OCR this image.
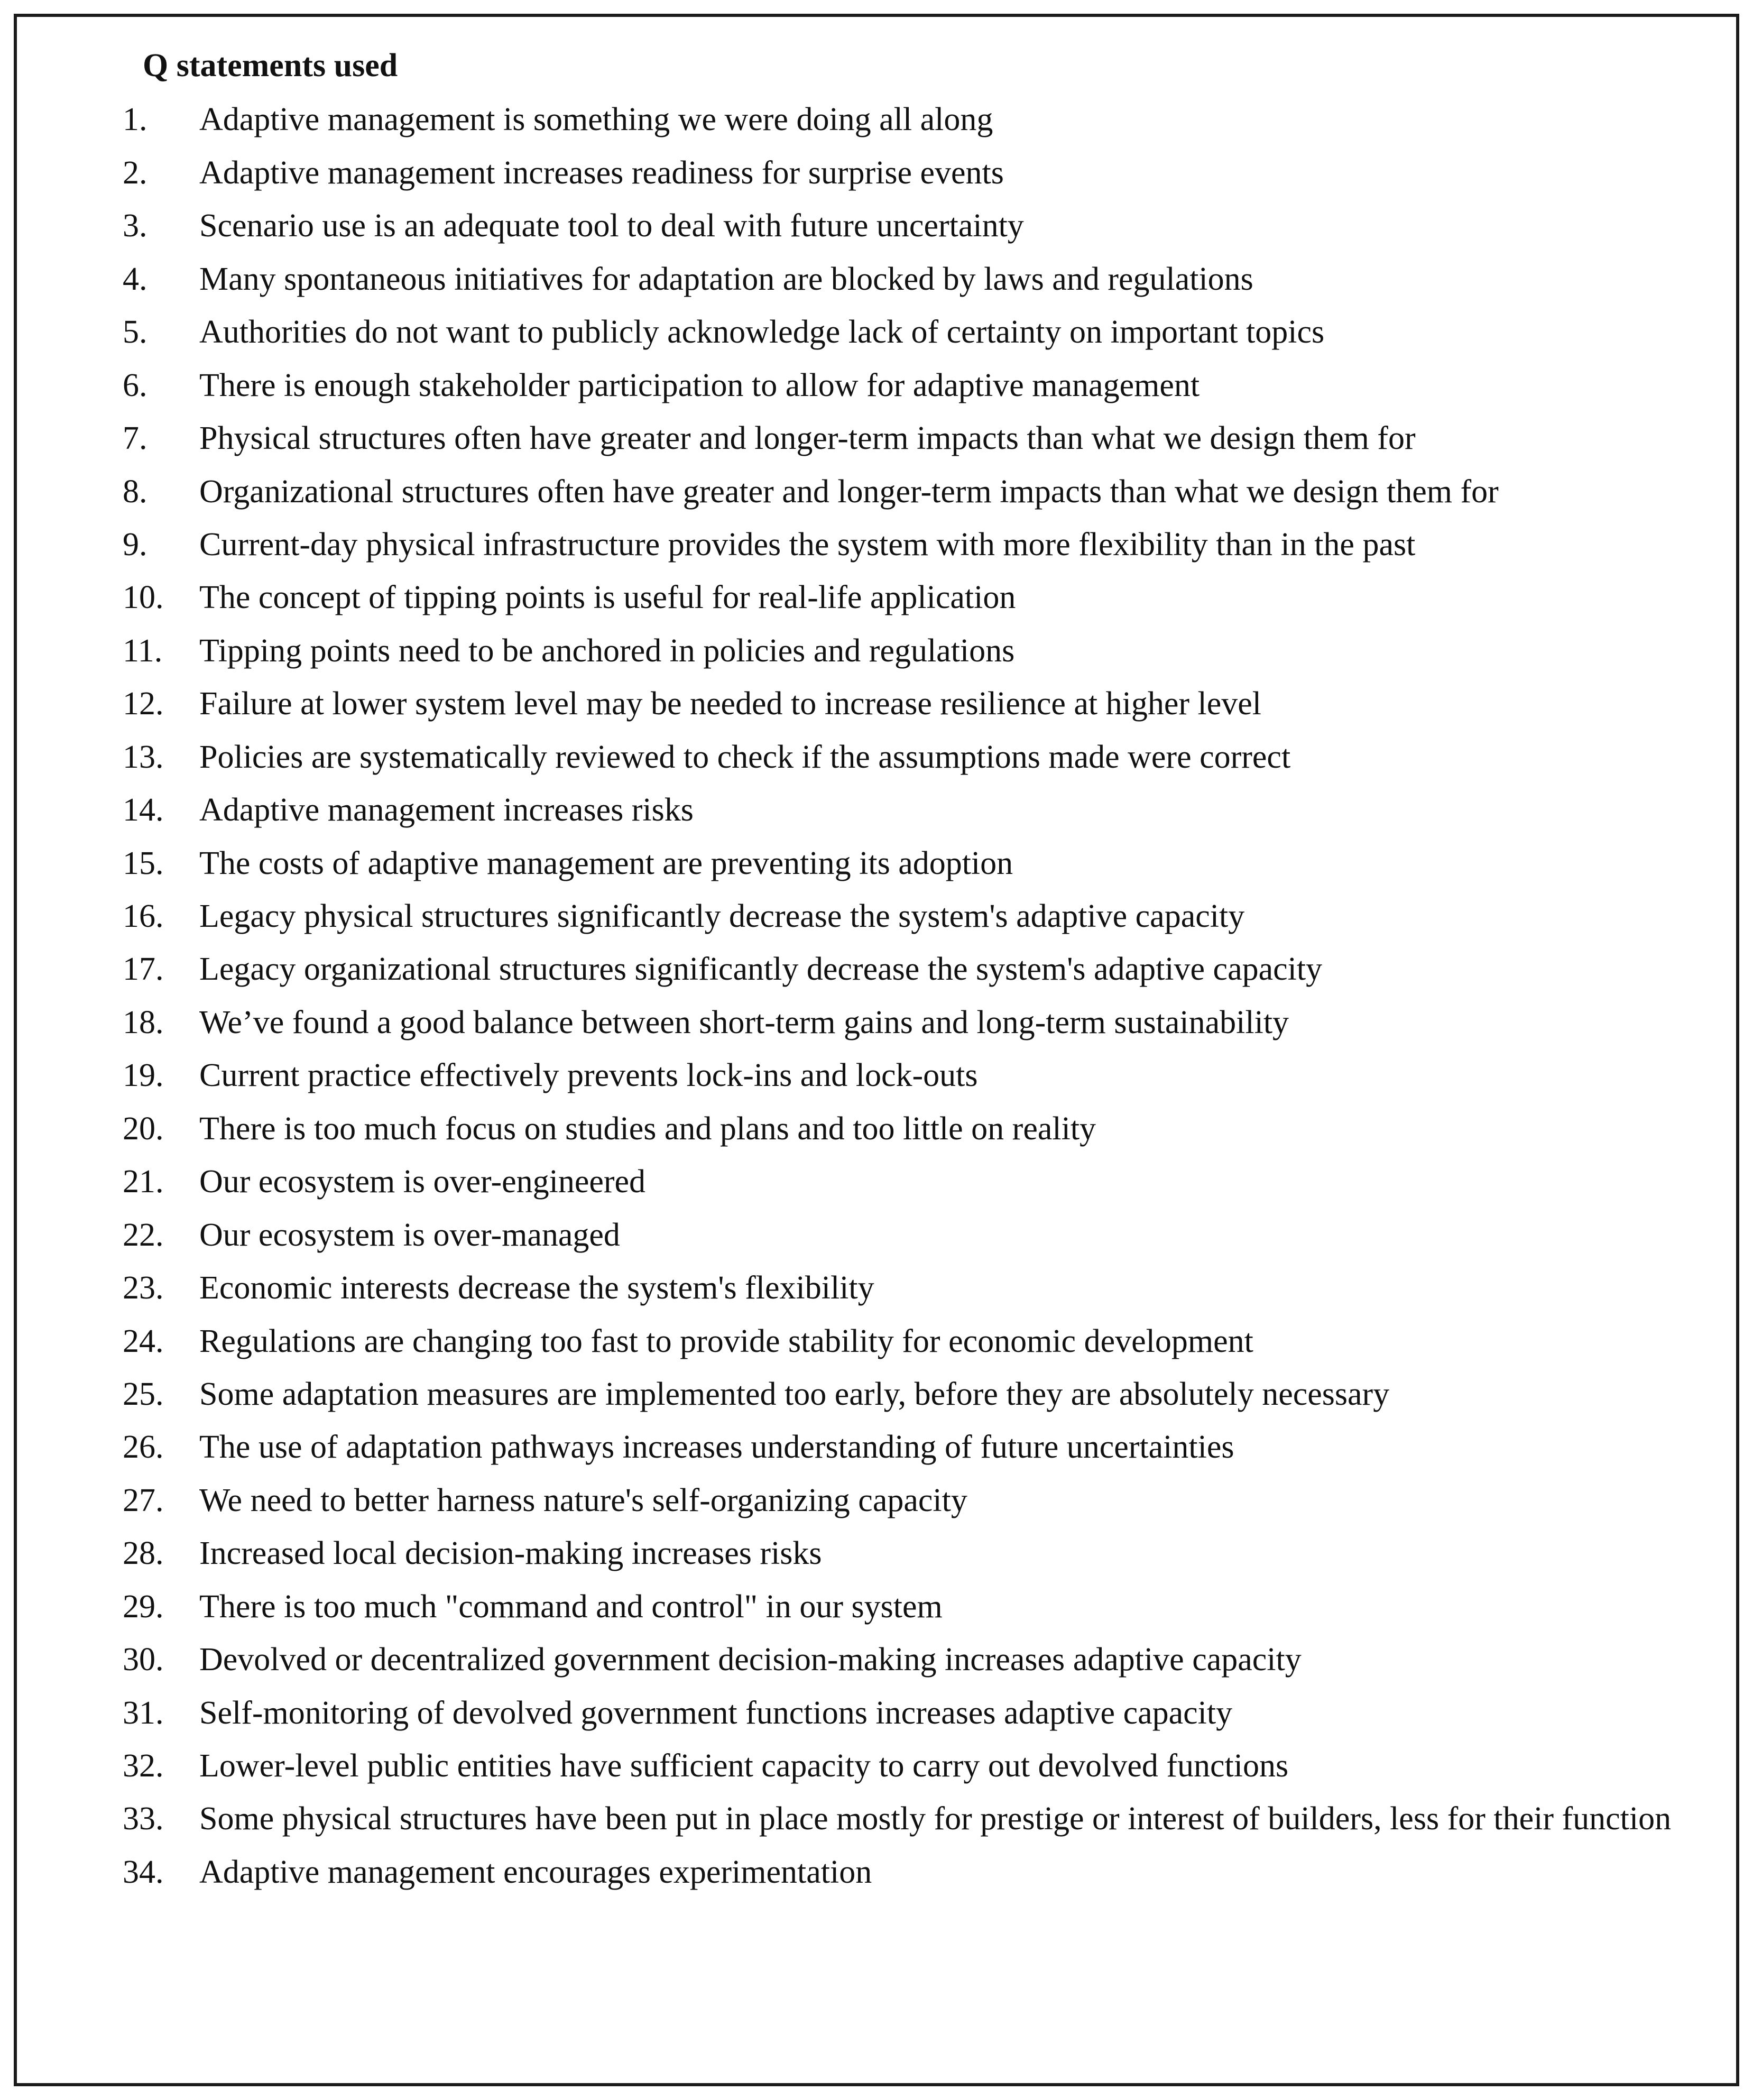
Q statements used
1.	Adaptive management is something we were doing all along
2.	Adaptive management increases readiness for surprise events
3.	Scenario use is an adequate tool to deal with future uncertainty
4.	Many spontaneous initiatives for adaptation are blocked by laws and regulations
5.	Authorities do not want to publicly acknowledge lack of certainty on important topics
6.	There is enough stakeholder participation to allow for adaptive management
7.	Physical structures often have greater and longer-term impacts than what we design them for
8.	Organizational structures often have greater and longer-term impacts than what we design them for
9.	Current-day physical infrastructure provides the system with more flexibility than in the past
10.	The concept of tipping points is useful for real-life application
11.	Tipping points need to be anchored in policies and regulations
12.	Failure at lower system level may be needed to increase resilience at higher level
13.	Policies are systematically reviewed to check if the assumptions made were correct
14.	Adaptive management increases risks
15.	The costs of adaptive management are preventing its adoption
16.	Legacy physical structures significantly decrease the system's adaptive capacity
17.	Legacy organizational structures significantly decrease the system's adaptive capacity
18.	We’ve found a good balance between short-term gains and long-term sustainability
19.	Current practice effectively prevents lock-ins and lock-outs
20.	There is too much focus on studies and plans and too little on reality
21.	Our ecosystem is over-engineered
22.	Our ecosystem is over-managed
23.	Economic interests decrease the system's flexibility
24.	Regulations are changing too fast to provide stability for economic development
25.	Some adaptation measures are implemented too early, before they are absolutely necessary
26.	The use of adaptation pathways increases understanding of future uncertainties
27.	We need to better harness nature's self-organizing capacity
28.	Increased local decision-making increases risks
29.	There is too much "command and control" in our system
30.	Devolved or decentralized government decision-making increases adaptive capacity
31.	Self-monitoring of devolved government functions increases adaptive capacity
32.	Lower-level public entities have sufficient capacity to carry out devolved functions
33.	Some physical structures have been put in place mostly for prestige or interest of builders, less for their function
34.	Adaptive management encourages experimentation
